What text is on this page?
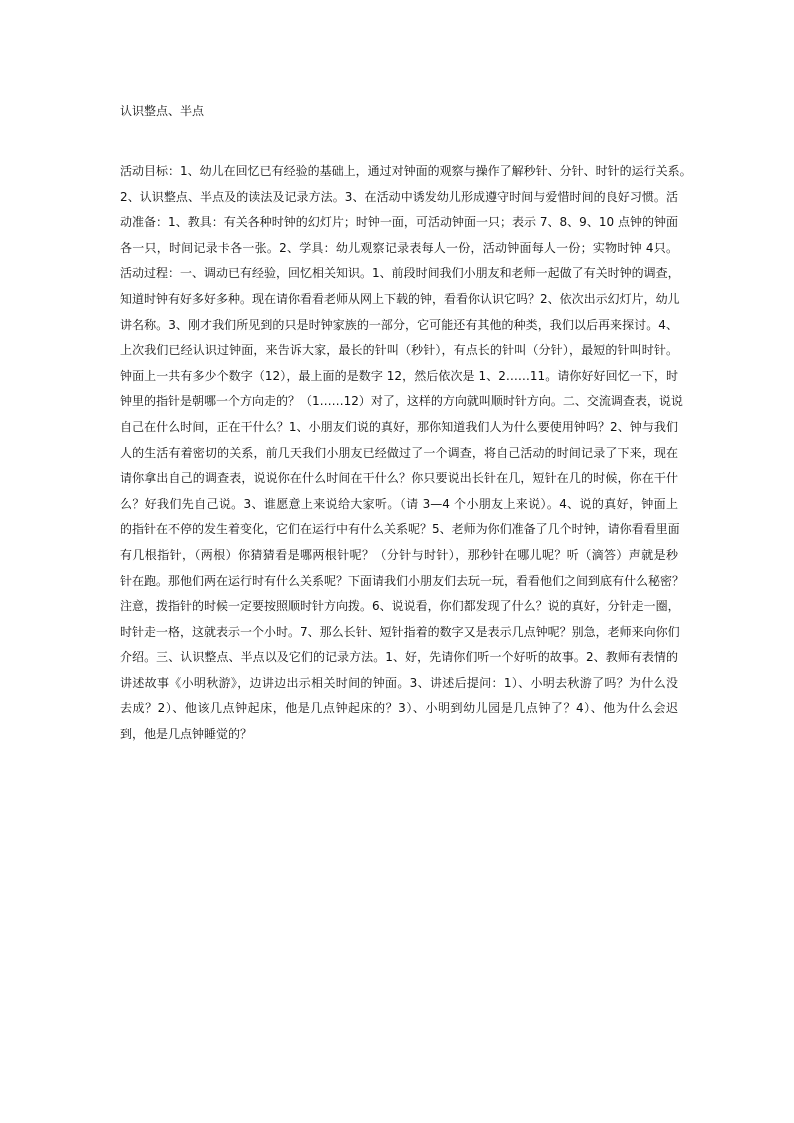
认识整点、半点
活动目标：1、幼儿在回忆已有经验的基础上，通过对钟面的观察与操作了解秒针、分针、时针的运行关系。
2、认识整点、半点及的读法及记录方法。3、在活动中诱发幼儿形成遵守时间与爱惜时间的良好习惯。活
动准备：1、教具：有关各种时钟的幻灯片；时钟一面，可活动钟面一只；表示 7、8、9、10 点钟的钟面
各一只，时间记录卡各一张。2、学具：幼儿观察记录表每人一份，活动钟面每人一份；实物时钟 4只。
活动过程：一、调动已有经验，回忆相关知识。1、前段时间我们小朋友和老师一起做了有关时钟的调查，
知道时钟有好多好多种。现在请你看看老师从网上下载的钟，看看你认识它吗？2、依次出示幻灯片，幼儿
讲名称。3、刚才我们所见到的只是时钟家族的一部分，它可能还有其他的种类，我们以后再来探讨。4、
上次我们已经认识过钟面，来告诉大家，最长的针叫（秒针），有点长的针叫（分针），最短的针叫时针。
钟面上一共有多少个数字（12），最上面的是数字 12，然后依次是 1、2……11。请你好好回忆一下，时
钟里的指针是朝哪一个方向走的？（1……12）对了，这样的方向就叫顺时针方向。二、交流调查表，说说
自己在什么时间，正在干什么？1、小朋友们说的真好，那你知道我们人为什么要使用钟吗？2、钟与我们
人的生活有着密切的关系，前几天我们小朋友已经做过了一个调查，将自己活动的时间记录了下来，现在
请你拿出自己的调查表，说说你在什么时间在干什么？你只要说出长针在几，短针在几的时候，你在干什
么？好我们先自己说。3、谁愿意上来说给大家听。（请 3—4 个小朋友上来说）。4、说的真好，钟面上
的指针在不停的发生着变化，它们在运行中有什么关系呢？5、老师为你们准备了几个时钟，请你看看里面
有几根指针，（两根）你猜猜看是哪两根针呢？（分针与时针），那秒针在哪儿呢？听（滴答）声就是秒
针在跑。那他们两在运行时有什么关系呢？下面请我们小朋友们去玩一玩，看看他们之间到底有什么秘密？
注意，拨指针的时候一定要按照顺时针方向拨。6、说说看，你们都发现了什么？说的真好，分针走一圈，
时针走一格，这就表示一个小时。7、那么长针、短针指着的数字又是表示几点钟呢？别急，老师来向你们
介绍。三、认识整点、半点以及它们的记录方法。1、好，先请你们听一个好听的故事。2、教师有表情的
讲述故事《小明秋游》，边讲边出示相关时间的钟面。3、讲述后提问：1）、小明去秋游了吗？为什么没
去成？2）、他该几点钟起床，他是几点钟起床的？3）、小明到幼儿园是几点钟了？4）、他为什么会迟
到，他是几点钟睡觉的？
